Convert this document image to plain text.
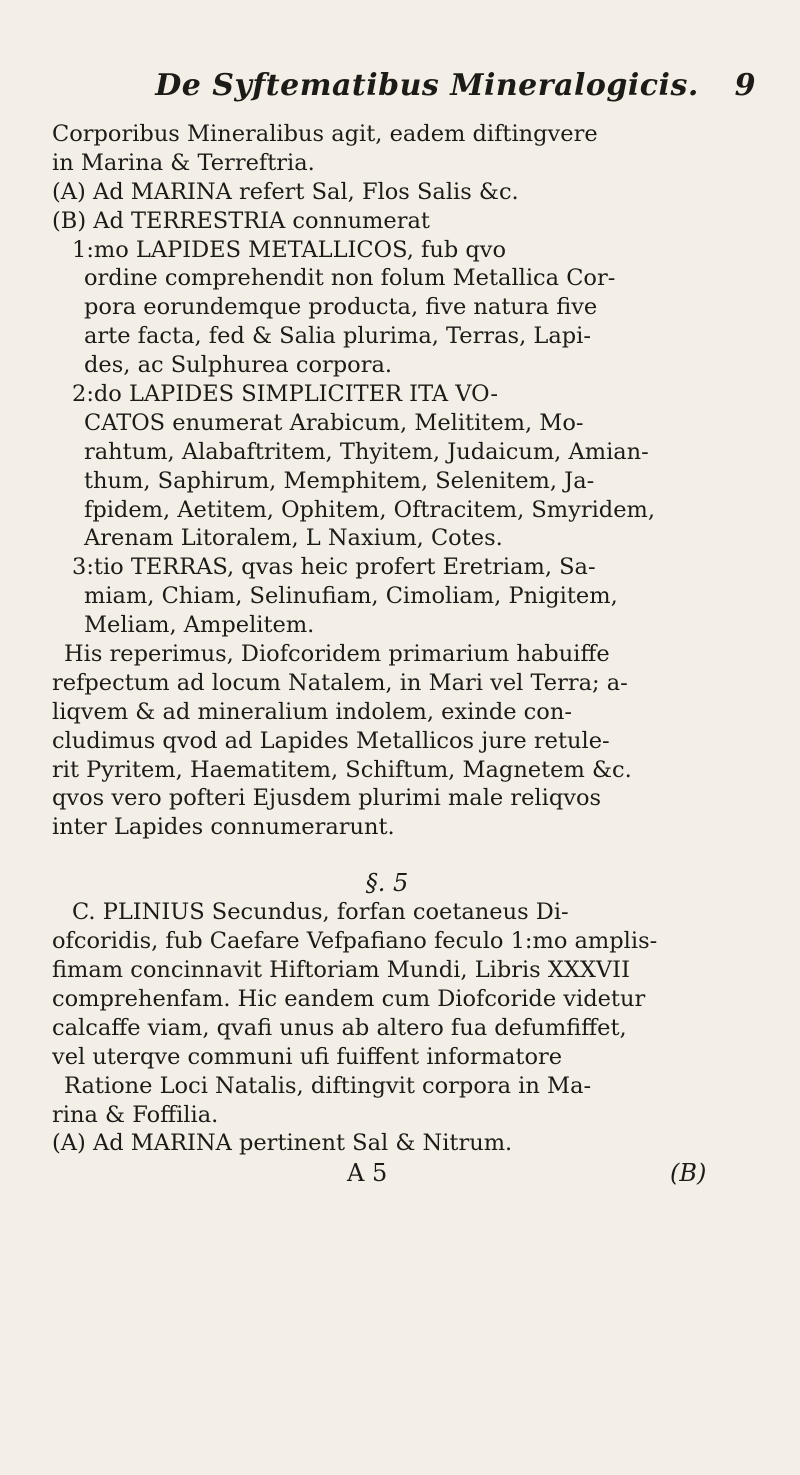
De Syftematibus Mineralogicis. 9
Corporibus Mineralibus agit, eadem diftingvere
in Marina & Terreftria.
(A) Ad MARINA refert Sal, Flos Salis &c.
(B) Ad TERRESTRIA connumerat
1:mo LAPIDES METALLICOS, fub qvo
ordine comprehendit non folum Metallica Cor-
pora eorundemque producta, five natura five
arte facta, fed & Salia plurima, Terras, Lapi-
des, ac Sulphurea corpora.
2:do LAPIDES SIMPLICITER ITA VO-
CATOS enumerat Arabicum, Melititem, Mo-
rahtum, Alabaftritem, Thyitem, Judaicum, Amian-
thum, Saphirum, Memphitem, Selenitem, Ja-
fpidem, Aetitem, Ophitem, Oftracitem, Smyridem,
Arenam Litoralem, L Naxium, Cotes.
3:tio TERRAS, qvas heic profert Eretriam, Sa-
miam, Chiam, Selinufiam, Cimoliam, Pnigitem,
Meliam, Ampelitem.
His reperimus, Diofcoridem primarium habuiffe
refpectum ad locum Natalem, in Mari vel Terra; a-
liqvem & ad mineralium indolem, exinde con-
cludimus qvod ad Lapides Metallicos jure retule-
rit Pyritem, Haematitem, Schiftum, Magnetem &c.
qvos vero pofteri Ejusdem plurimi male reliqvos
inter Lapides connumerarunt.
§. 5
C. PLINIUS Secundus, forfan coetaneus Di-
ofcoridis, fub Caefare Vefpafiano feculo 1:mo amplis-
fimam concinnavit Hiftoriam Mundi, Libris XXXVII
comprehenfam. Hic eandem cum Diofcoride videtur
calcaffe viam, qvafi unus ab altero fua defumfiffet,
vel uterqve communi ufi fuiffent informatore
Ratione Loci Natalis, diftingvit corpora in Ma-
rina & Foffilia.
(A) Ad MARINA pertinent Sal & Nitrum.
A 5	(B)
